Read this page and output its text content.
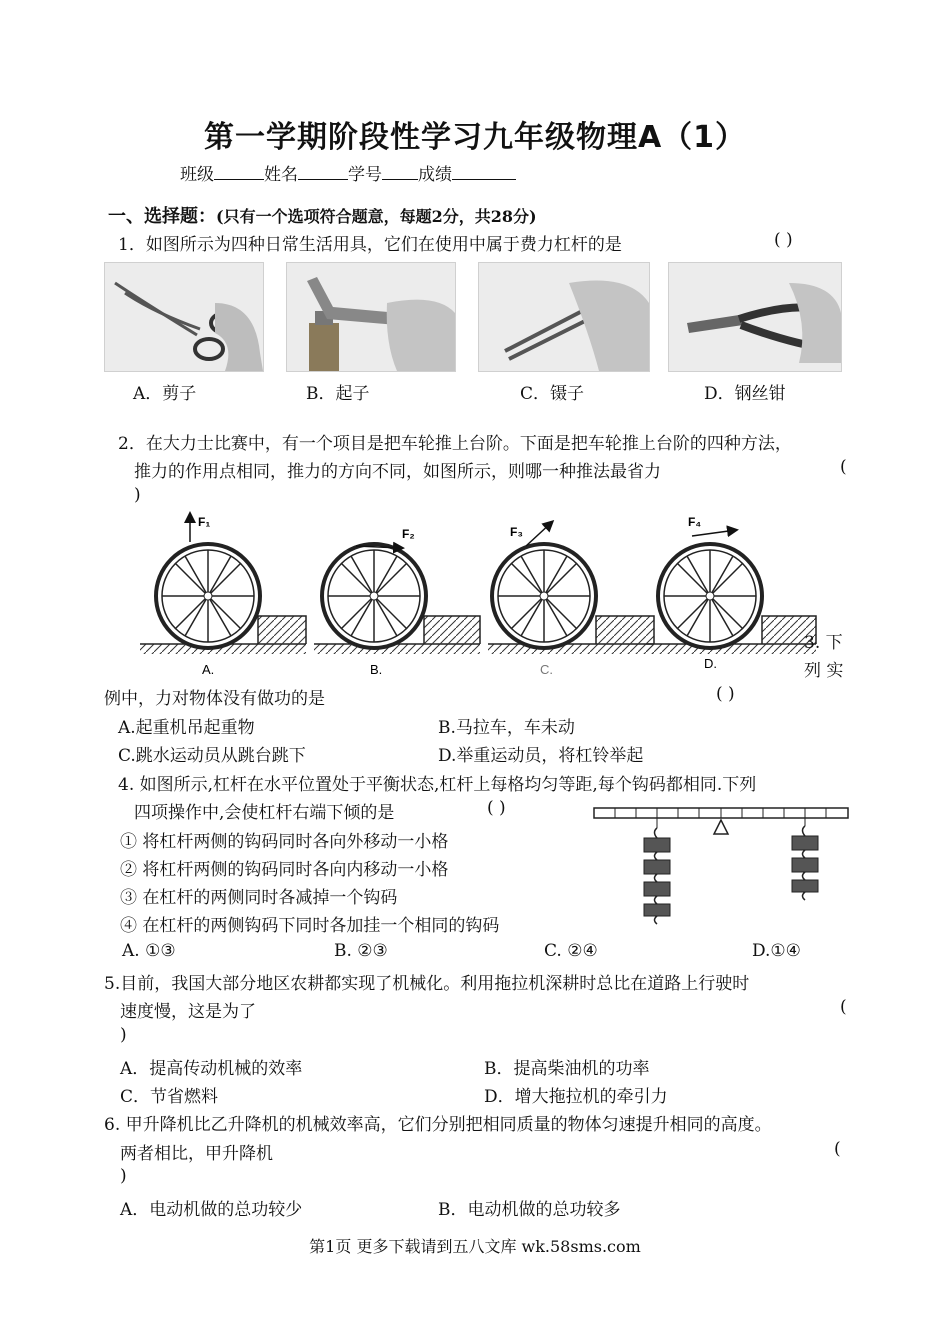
第一学期阶段性学习九年级物理A（1）
班级	姓名	学号 成绩
一、选择题：(只有一个选项符合题意，每题2分，共28分)
1．如图所示为四种日常生活用具，它们在使用中属于费力杠杆的是	( )
A．剪子	B．起子	C．镊子	D．钢丝钳
2．在大力士比赛中，有一个项目是把车轮推上台阶。下面是把车轮推上台阶的四种方法，
推力的作用点相同，推力的方向不同，如图所示，则哪一种推法最省力	(
)
F₁
A.
F₂
B.
F₃
C.
F₄
D.
3. 下
列 实
例中，力对物体没有做功的是	( )
A.起重机吊起重物	B.马拉车，车未动
C.跳水运动员从跳台跳下	D.举重运动员，将杠铃举起
4. 如图所示,杠杆在水平位置处于平衡状态,杠杆上每格均匀等距,每个钩码都相同.下列
四项操作中,会使杠杆右端下倾的是	( )
① 将杠杆两侧的钩码同时各向外移动一小格
② 将杠杆两侧的钩码同时各向内移动一小格
③ 在杠杆的两侧同时各减掉一个钩码
④ 在杠杆的两侧钩码下同时各加挂一个相同的钩码
A. ①③	B. ②③	C. ②④	D.①④
5.目前，我国大部分地区农耕都实现了机械化。利用拖拉机深耕时总比在道路上行驶时
速度慢，这是为了	(
)
A．提高传动机械的效率	B．提高柴油机的功率
C．节省燃料	D．增大拖拉机的牵引力
6. 甲升降机比乙升降机的机械效率高，它们分别把相同质量的物体匀速提升相同的高度。
两者相比，甲升降机	(
)
A．电动机做的总功较少	B．电动机做的总功较多
第1页 更多下载请到五八文库 wk.58sms.com
